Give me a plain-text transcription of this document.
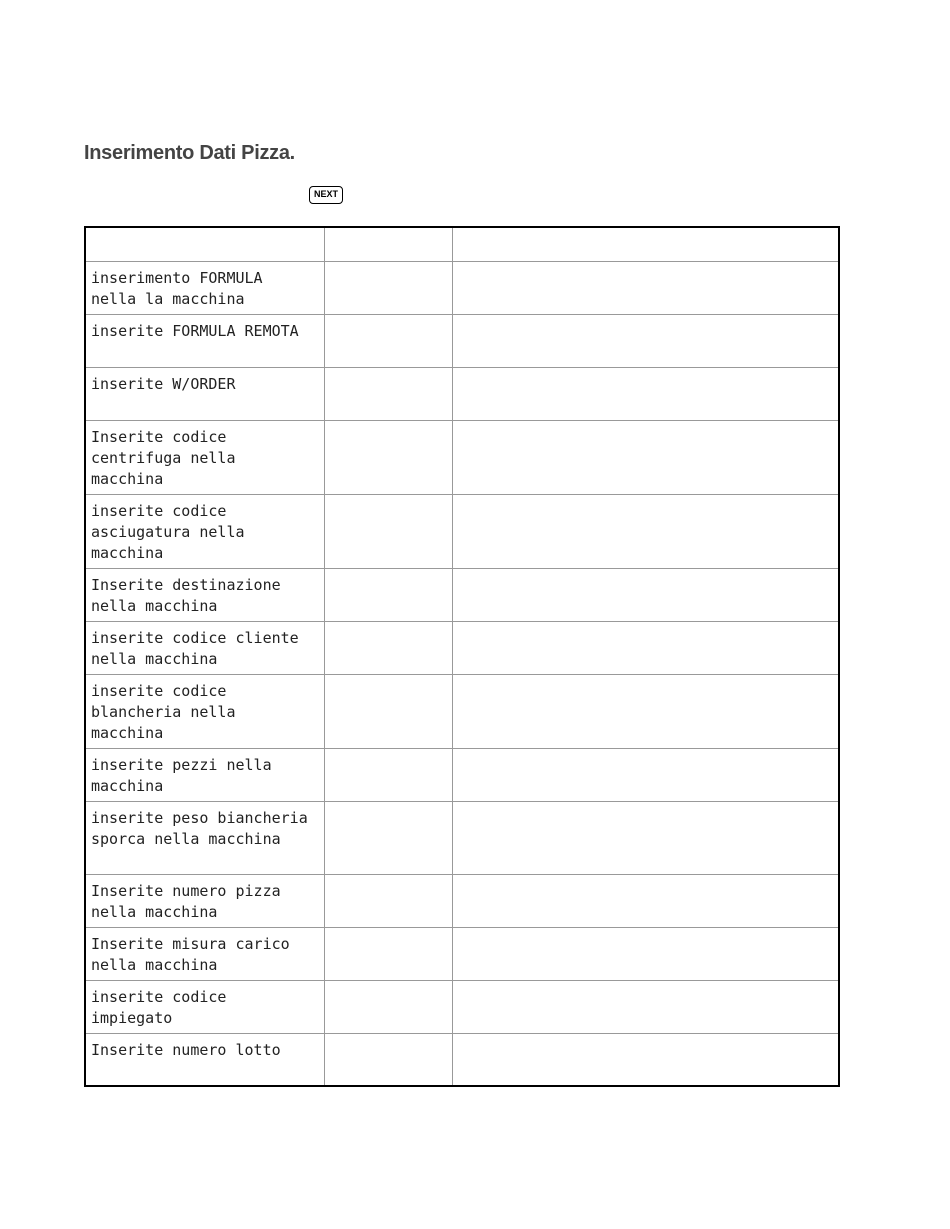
Inserimento Dati Pizza.
NEXT

inserimento FORMULA nella la macchina		

inserite FORMULA REMOTA		

inserite W/ORDER		

Inserite codice centrifuga nella macchina		

inserite codice asciugatura nella macchina		

Inserite destinazione nella macchina		

inserite codice cliente nella macchina		

inserite codice blancheria nella macchina		

inserite pezzi nella macchina		

inserite peso biancheria sporca nella macchina		

Inserite numero pizza nella macchina		

Inserite misura carico nella macchina		

inserite codice impiegato		

Inserite numero lotto		
